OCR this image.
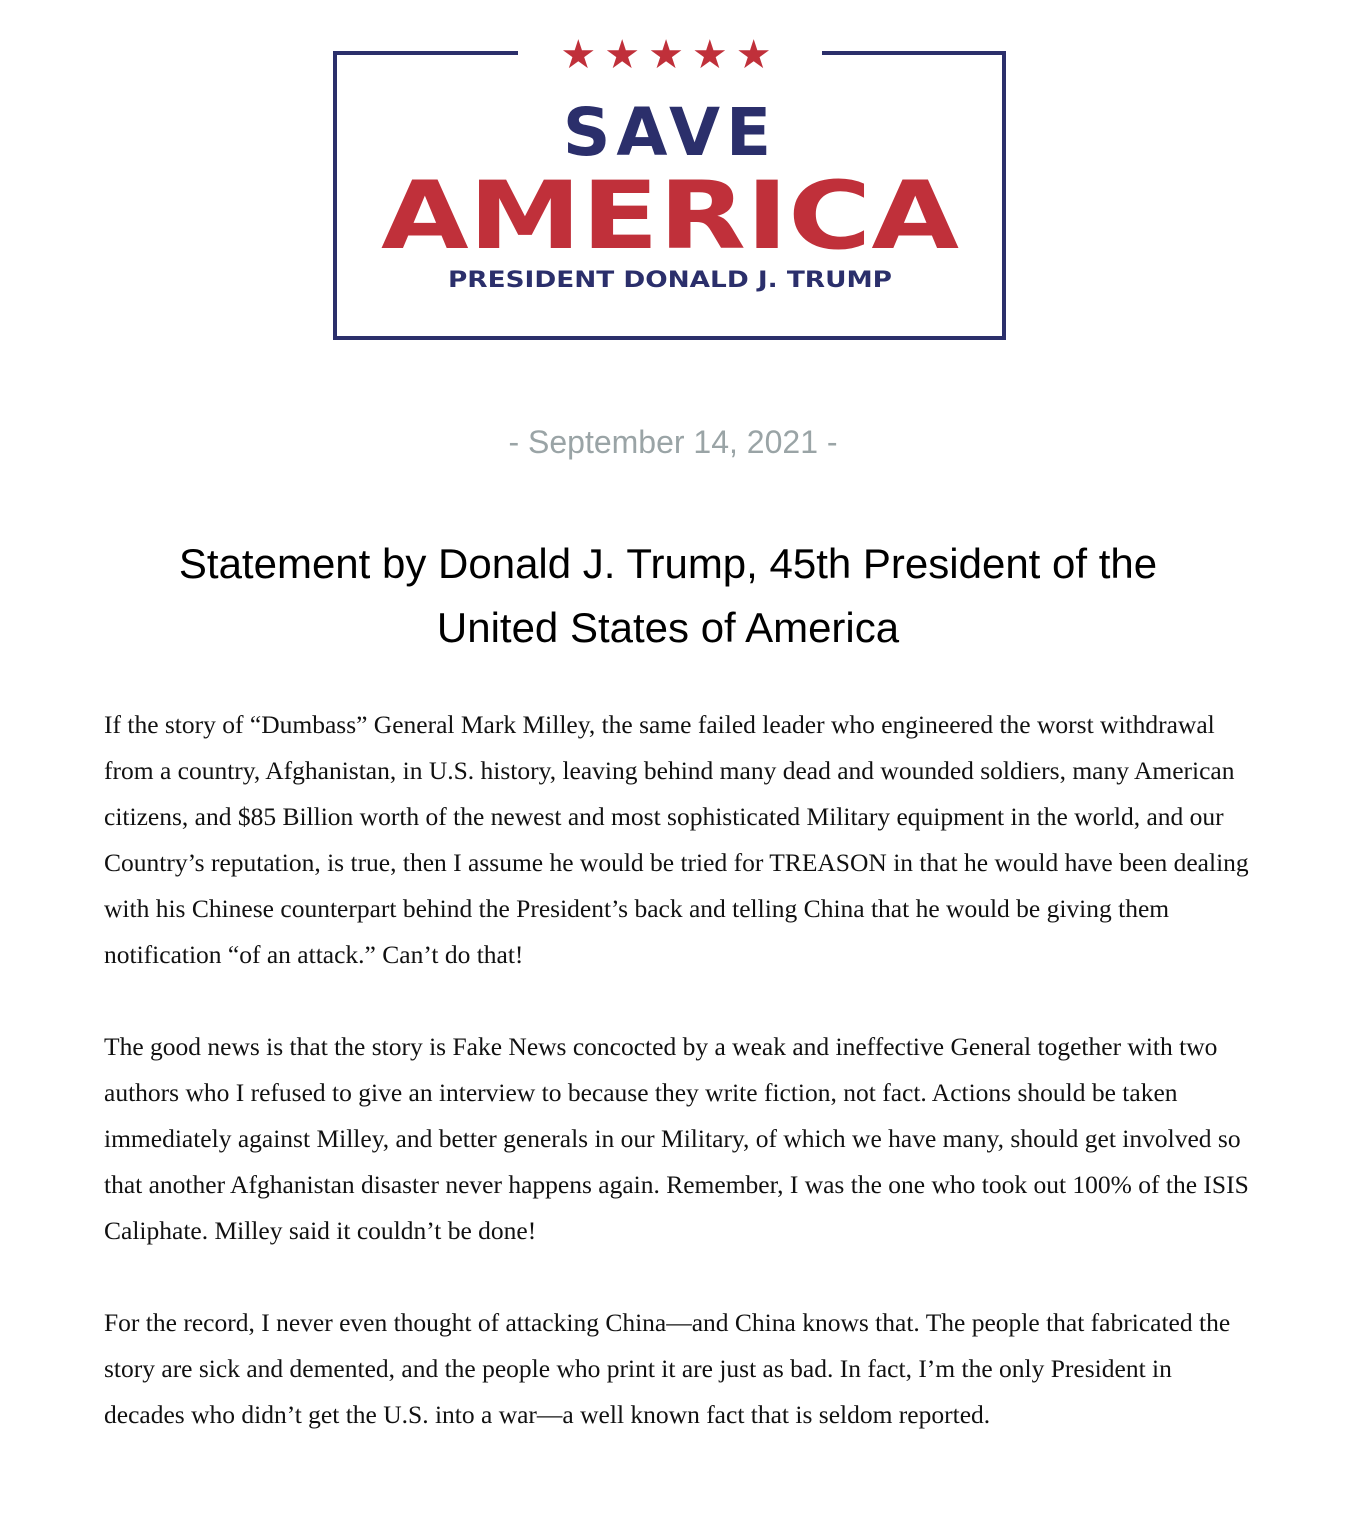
★★★★★
SAVE
AMERICA
PRESIDENT DONALD J. TRUMP
- September 14, 2021 -
Statement by Donald J. Trump, 45th President of the United States of America

If the story of “Dumbass” General Mark Milley, the same failed leader who engineered the worst withdrawal from a country, Afghanistan, in U.S. history, leaving behind many dead and wounded soldiers, many American citizens, and $85 Billion worth of the newest and most sophisticated Military equipment in the world, and our Country’s reputation, is true, then I assume he would be tried for TREASON in that he would have been dealing with his Chinese counterpart behind the President’s back and telling China that he would be giving them notification “of an attack.” Can’t do that!

The good news is that the story is Fake News concocted by a weak and ineffective General together with two authors who I refused to give an interview to because they write fiction, not fact. Actions should be taken immediately against Milley, and better generals in our Military, of which we have many, should get involved so that another Afghanistan disaster never happens again. Remember, I was the one who took out 100% of the ISIS Caliphate. Milley said it couldn’t be done!

For the record, I never even thought of attacking China—and China knows that. The people that fabricated the story are sick and demented, and the people who print it are just as bad. In fact, I’m the only President in decades who didn’t get the U.S. into a war—a well known fact that is seldom reported.
